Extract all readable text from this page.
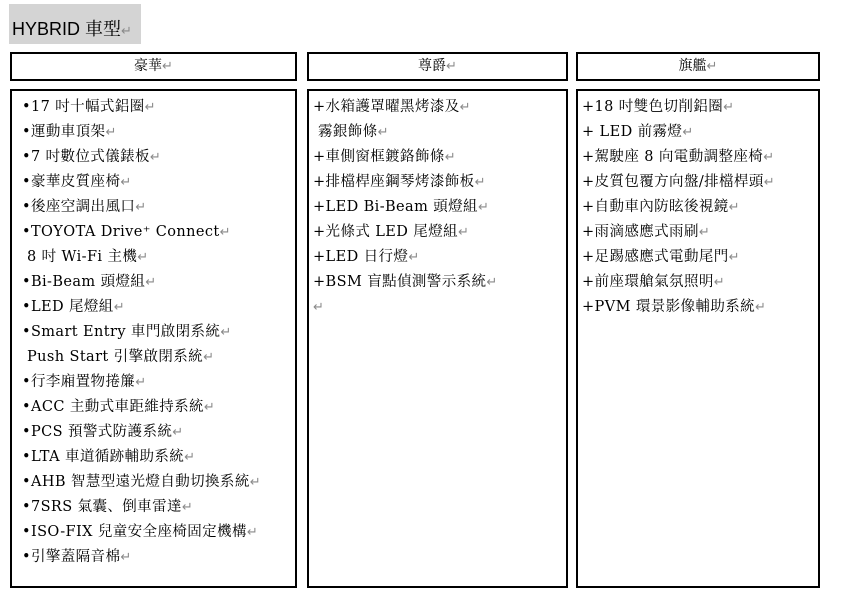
HYBRID 車型↵
豪華↵	尊爵↵	旗艦↵
•17 吋十幅式鋁圈↵
•運動車頂架↵
•7 吋數位式儀錶板↵
•豪華皮質座椅↵
•後座空調出風口↵
•TOYOTA Drive⁺ Connect↵
8 吋 Wi-Fi 主機↵
•Bi-Beam 頭燈組↵
•LED 尾燈組↵
•Smart Entry 車門啟閉系統↵
Push Start 引擎啟閉系統↵
•行李廂置物捲簾↵
•ACC 主動式車距維持系統↵
•PCS 預警式防護系統↵
•LTA 車道循跡輔助系統↵
•AHB 智慧型遠光燈自動切換系統↵
•7SRS 氣囊、倒車雷達↵
•ISO-FIX 兒童安全座椅固定機構↵
•引擎蓋隔音棉↵
+水箱護罩曜黑烤漆及↵
霧銀飾條↵
+車側窗框鍍鉻飾條↵
+排檔桿座鋼琴烤漆飾板↵
+LED Bi-Beam 頭燈組↵
+光條式 LED 尾燈組↵
+LED 日行燈↵
+BSM 盲點偵測警示系統↵
↵
+18 吋雙色切削鋁圈↵
+ LED 前霧燈↵
+駕駛座 8 向電動調整座椅↵
+皮質包覆方向盤/排檔桿頭↵
+自動車內防眩後視鏡↵
+雨滴感應式雨刷↵
+足踢感應式電動尾門↵
+前座環艙氣氛照明↵
+PVM 環景影像輔助系統↵
